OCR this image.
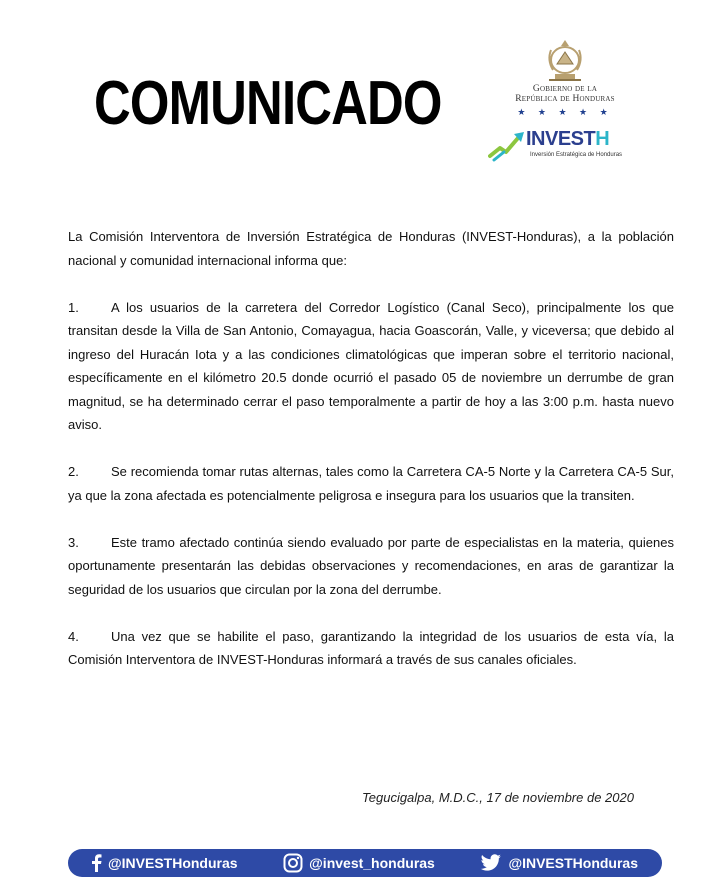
COMUNICADO	Gobierno de la
República de Honduras
★ ★ ★ ★ ★
INVESTH
Inversión Estratégica de Honduras

La Comisión Interventora de Inversión Estratégica de Honduras (INVEST-Honduras), a la población nacional y comunidad internacional informa que:

1. A los usuarios de la carretera del Corredor Logístico (Canal Seco), principalmente los que transitan desde la Villa de San Antonio, Comayagua, hacia Goascorán, Valle, y viceversa; que debido al ingreso del Huracán Iota y a las condiciones climatológicas que imperan sobre el territorio nacional, específicamente en el kilómetro 20.5 donde ocurrió el pasado 05 de noviembre un derrumbe de gran magnitud, se ha determinado cerrar el paso temporalmente a partir de hoy a las 3:00 p.m. hasta nuevo aviso.

2. Se recomienda tomar rutas alternas, tales como la Carretera CA-5 Norte y la Carretera CA-5 Sur, ya que la zona afectada es potencialmente peligrosa e insegura para los usuarios que la transiten.

3. Este tramo afectado continúa siendo evaluado por parte de especialistas en la materia, quienes oportunamente presentarán las debidas observaciones y recomendaciones, en aras de garantizar la seguridad de los usuarios que circulan por la zona del derrumbe.

4. Una vez que se habilite el paso, garantizando la integridad de los usuarios de esta vía, la Comisión Interventora de INVEST-Honduras informará a través de sus canales oficiales.

Tegucigalpa, M.D.C., 17 de noviembre de 2020
@INVESTHonduras	@invest_honduras	@INVESTHonduras
